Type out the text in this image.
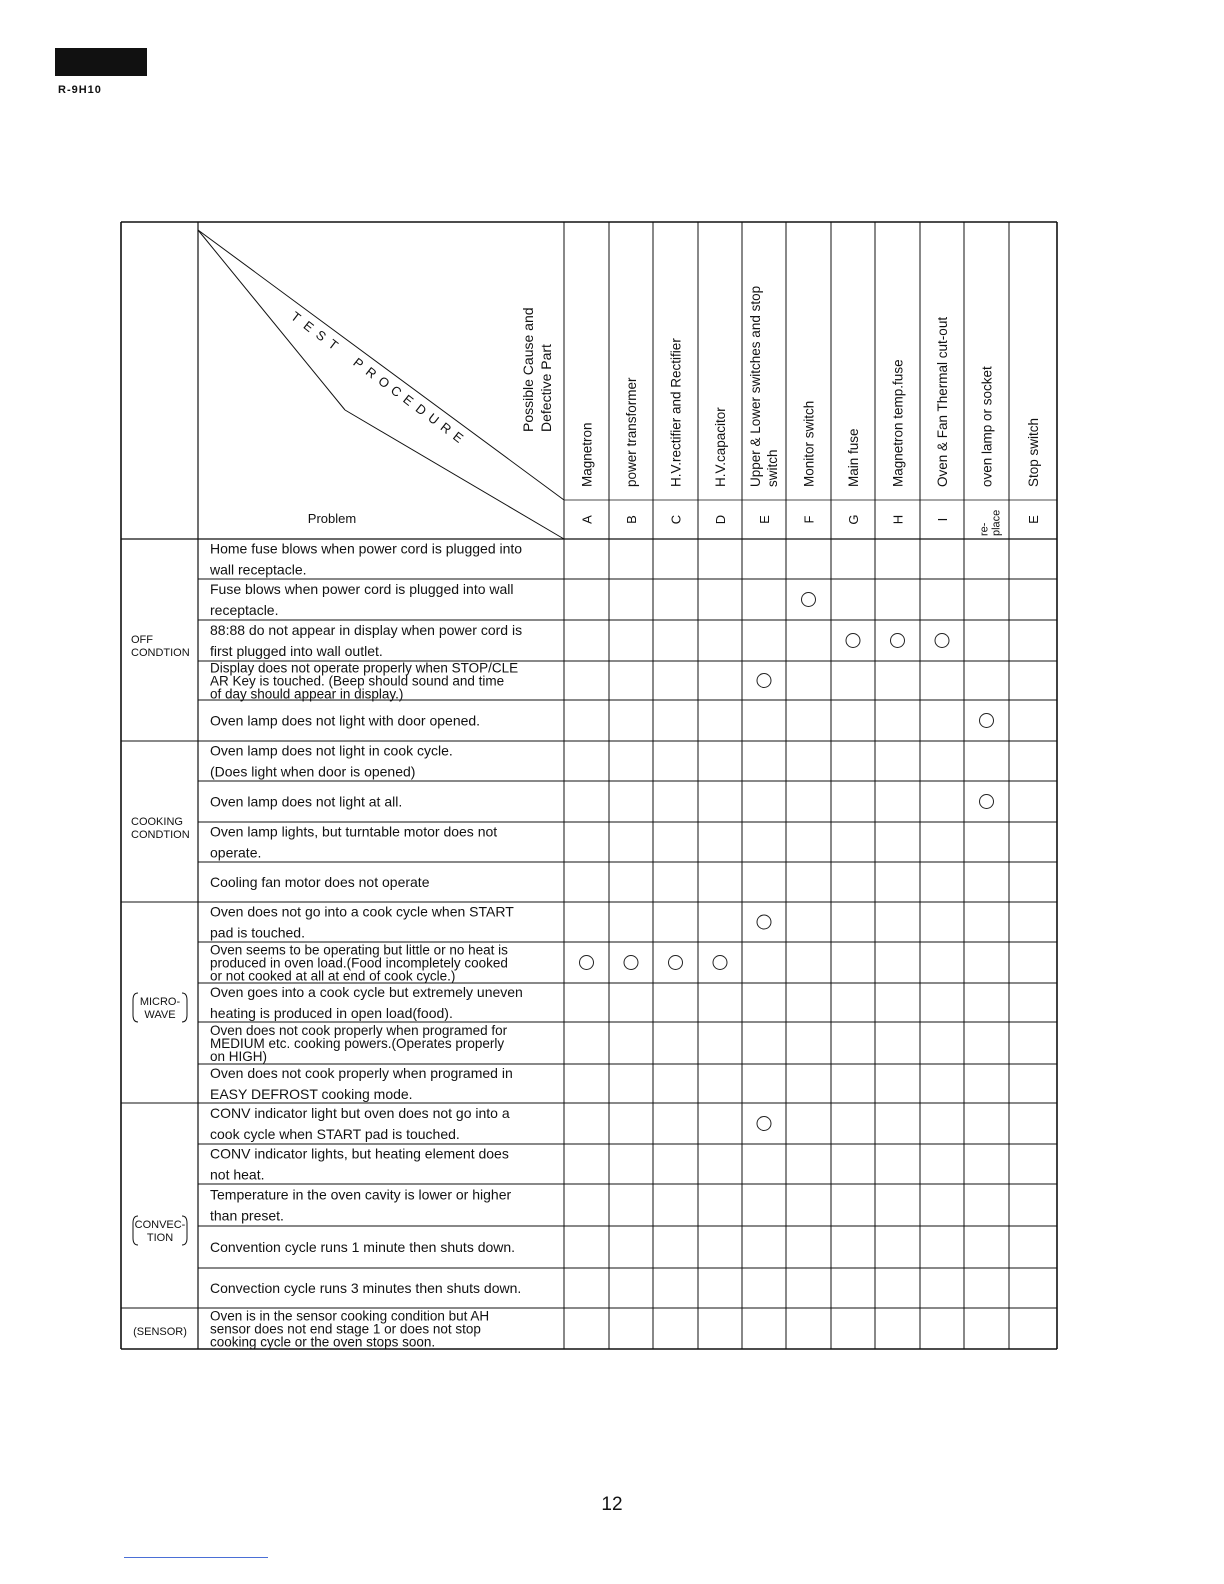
R-9H10
Possible Cause and Defective Part
Problem
T
E
S
T
P
R
O
C
E
D
U
R
E	Magnetron
A
power transformer
B
H.V.rectifier and Rectifier
C
H.V.capacitor
D
Upper & Lower switches and stop switch
E
Monitor switch
F
Main fuse
G
Magnetron temp.fuse
H
Oven & Fan Thermal cut-out
I
oven lamp or socket
re-place
Stop switch
E
OFF
CONDTION
COOKING
CONDTION
MICRO-
WAVE
CONVEC-
TION
(SENSOR)
Home fuse blows when power cord is plugged into
wall receptacle.
Fuse blows when power cord is plugged into wall
receptacle.
88:88 do not appear in display when power cord is
first plugged into wall outlet.
Display does not operate properly when STOP/CLE
AR Key is touched. (Beep should sound and time
of day should appear in display.)
Oven lamp does not light with door opened.
Oven lamp does not light in cook cycle.
(Does light when door is opened)
Oven lamp does not light at all.
Oven lamp lights, but turntable motor does not
operate.
Cooling fan motor does not operate
Oven does not go into a cook cycle when START
pad is touched.
Oven seems to be operating but little or no heat is
produced in oven load.(Food incompletely cooked
or not cooked at all at end of cook cycle.)
Oven goes into a cook cycle but extremely uneven
heating is produced in open load(food).
Oven does not cook properly when programed for
MEDIUM etc. cooking powers.(Operates properly
on HIGH)
Oven does not cook properly when programed in
EASY DEFROST cooking mode.
CONV indicator light but oven does not go into a
cook cycle when START pad is touched.
CONV indicator lights, but heating element does
not heat.
Temperature in the oven cavity is lower or higher
than preset.
Convention cycle runs 1 minute then shuts down.
Convection cycle runs 3 minutes then shuts down.
Oven is in the sensor cooking condition but AH
sensor does not end stage 1 or does not stop
cooking cycle or the oven stops soon.
12
